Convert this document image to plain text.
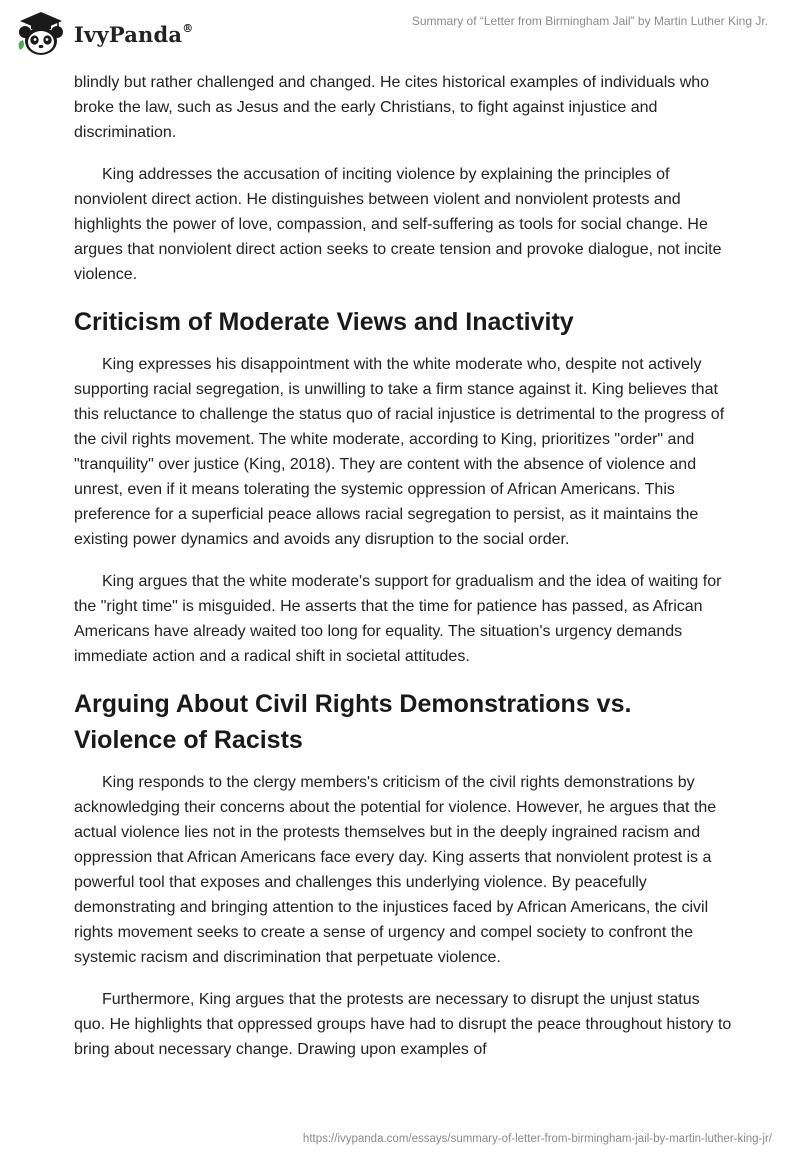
IvyPanda®	Summary of “Letter from Birmingham Jail” by Martin Luther King Jr.

blindly but rather challenged and changed. He cites historical examples of individuals who broke the law, such as Jesus and the early Christians, to fight against injustice and discrimination.

King addresses the accusation of inciting violence by explaining the principles of nonviolent direct action. He distinguishes between violent and nonviolent protests and highlights the power of love, compassion, and self-suffering as tools for social change. He argues that nonviolent direct action seeks to create tension and provoke dialogue, not incite violence.

Criticism of Moderate Views and Inactivity

King expresses his disappointment with the white moderate who, despite not actively supporting racial segregation, is unwilling to take a firm stance against it. King believes that this reluctance to challenge the status quo of racial injustice is detrimental to the progress of the civil rights movement. The white moderate, according to King, prioritizes "order" and "tranquility" over justice (King, 2018). They are content with the absence of violence and unrest, even if it means tolerating the systemic oppression of African Americans. This preference for a superficial peace allows racial segregation to persist, as it maintains the existing power dynamics and avoids any disruption to the social order.

King argues that the white moderate's support for gradualism and the idea of waiting for the "right time" is misguided. He asserts that the time for patience has passed, as African Americans have already waited too long for equality. The situation's urgency demands immediate action and a radical shift in societal attitudes.

Arguing About Civil Rights Demonstrations vs. Violence of Racists

King responds to the clergy members's criticism of the civil rights demonstrations by acknowledging their concerns about the potential for violence. However, he argues that the actual violence lies not in the protests themselves but in the deeply ingrained racism and oppression that African Americans face every day. King asserts that nonviolent protest is a powerful tool that exposes and challenges this underlying violence. By peacefully demonstrating and bringing attention to the injustices faced by African Americans, the civil rights movement seeks to create a sense of urgency and compel society to confront the systemic racism and discrimination that perpetuate violence.

Furthermore, King argues that the protests are necessary to disrupt the unjust status quo. He highlights that oppressed groups have had to disrupt the peace throughout history to bring about necessary change. Drawing upon examples of

https://ivypanda.com/essays/summary-of-letter-from-birmingham-jail-by-martin-luther-king-jr/
